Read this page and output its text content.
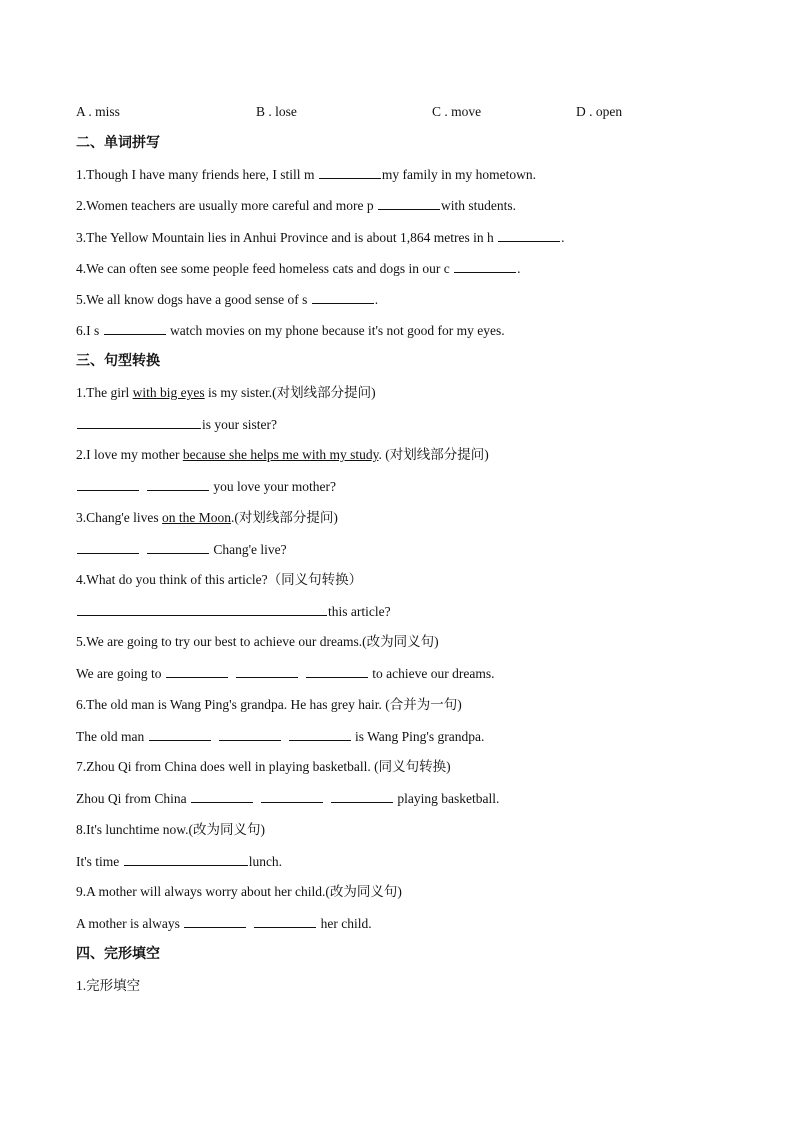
A . miss	B . lose	C . move	D . open
二、单词拼写
1.Though I have many friends here, I still m	my family in my hometown.
2.Women teachers are usually more careful and more p	with students.
3.The Yellow Mountain lies in Anhui Province and is about 1,864 metres in h	.
4.We can often see some people feed homeless cats and dogs in our c	.
5.We all know dogs have a good sense of s	.
6.I s	watch movies on my phone because it's not good for my eyes.
三、句型转换
1.The girl with big eyes is my sister.(对划线部分提问)
is your sister?
2.I love my mother because she helps me with my study. (对划线部分提问)
you love your mother?
3.Chang'e lives on the Moon.(对划线部分提问)
Chang'e live?
4.What do you think of this article?（同义句转换）
this article?
5.We are going to try our best to achieve our dreams.(改为同义句)
We are going to	to achieve our dreams.
6.The old man is Wang Ping's grandpa. He has grey hair. (合并为一句)
The old man	is Wang Ping's grandpa.
7.Zhou Qi from China does well in playing basketball. (同义句转换)
Zhou Qi from China	playing basketball.
8.It's lunchtime now.(改为同义句)
It's time	lunch.
9.A mother will always worry about her child.(改为同义句)
A mother is always	her child.
四、完形填空
1.完形填空
